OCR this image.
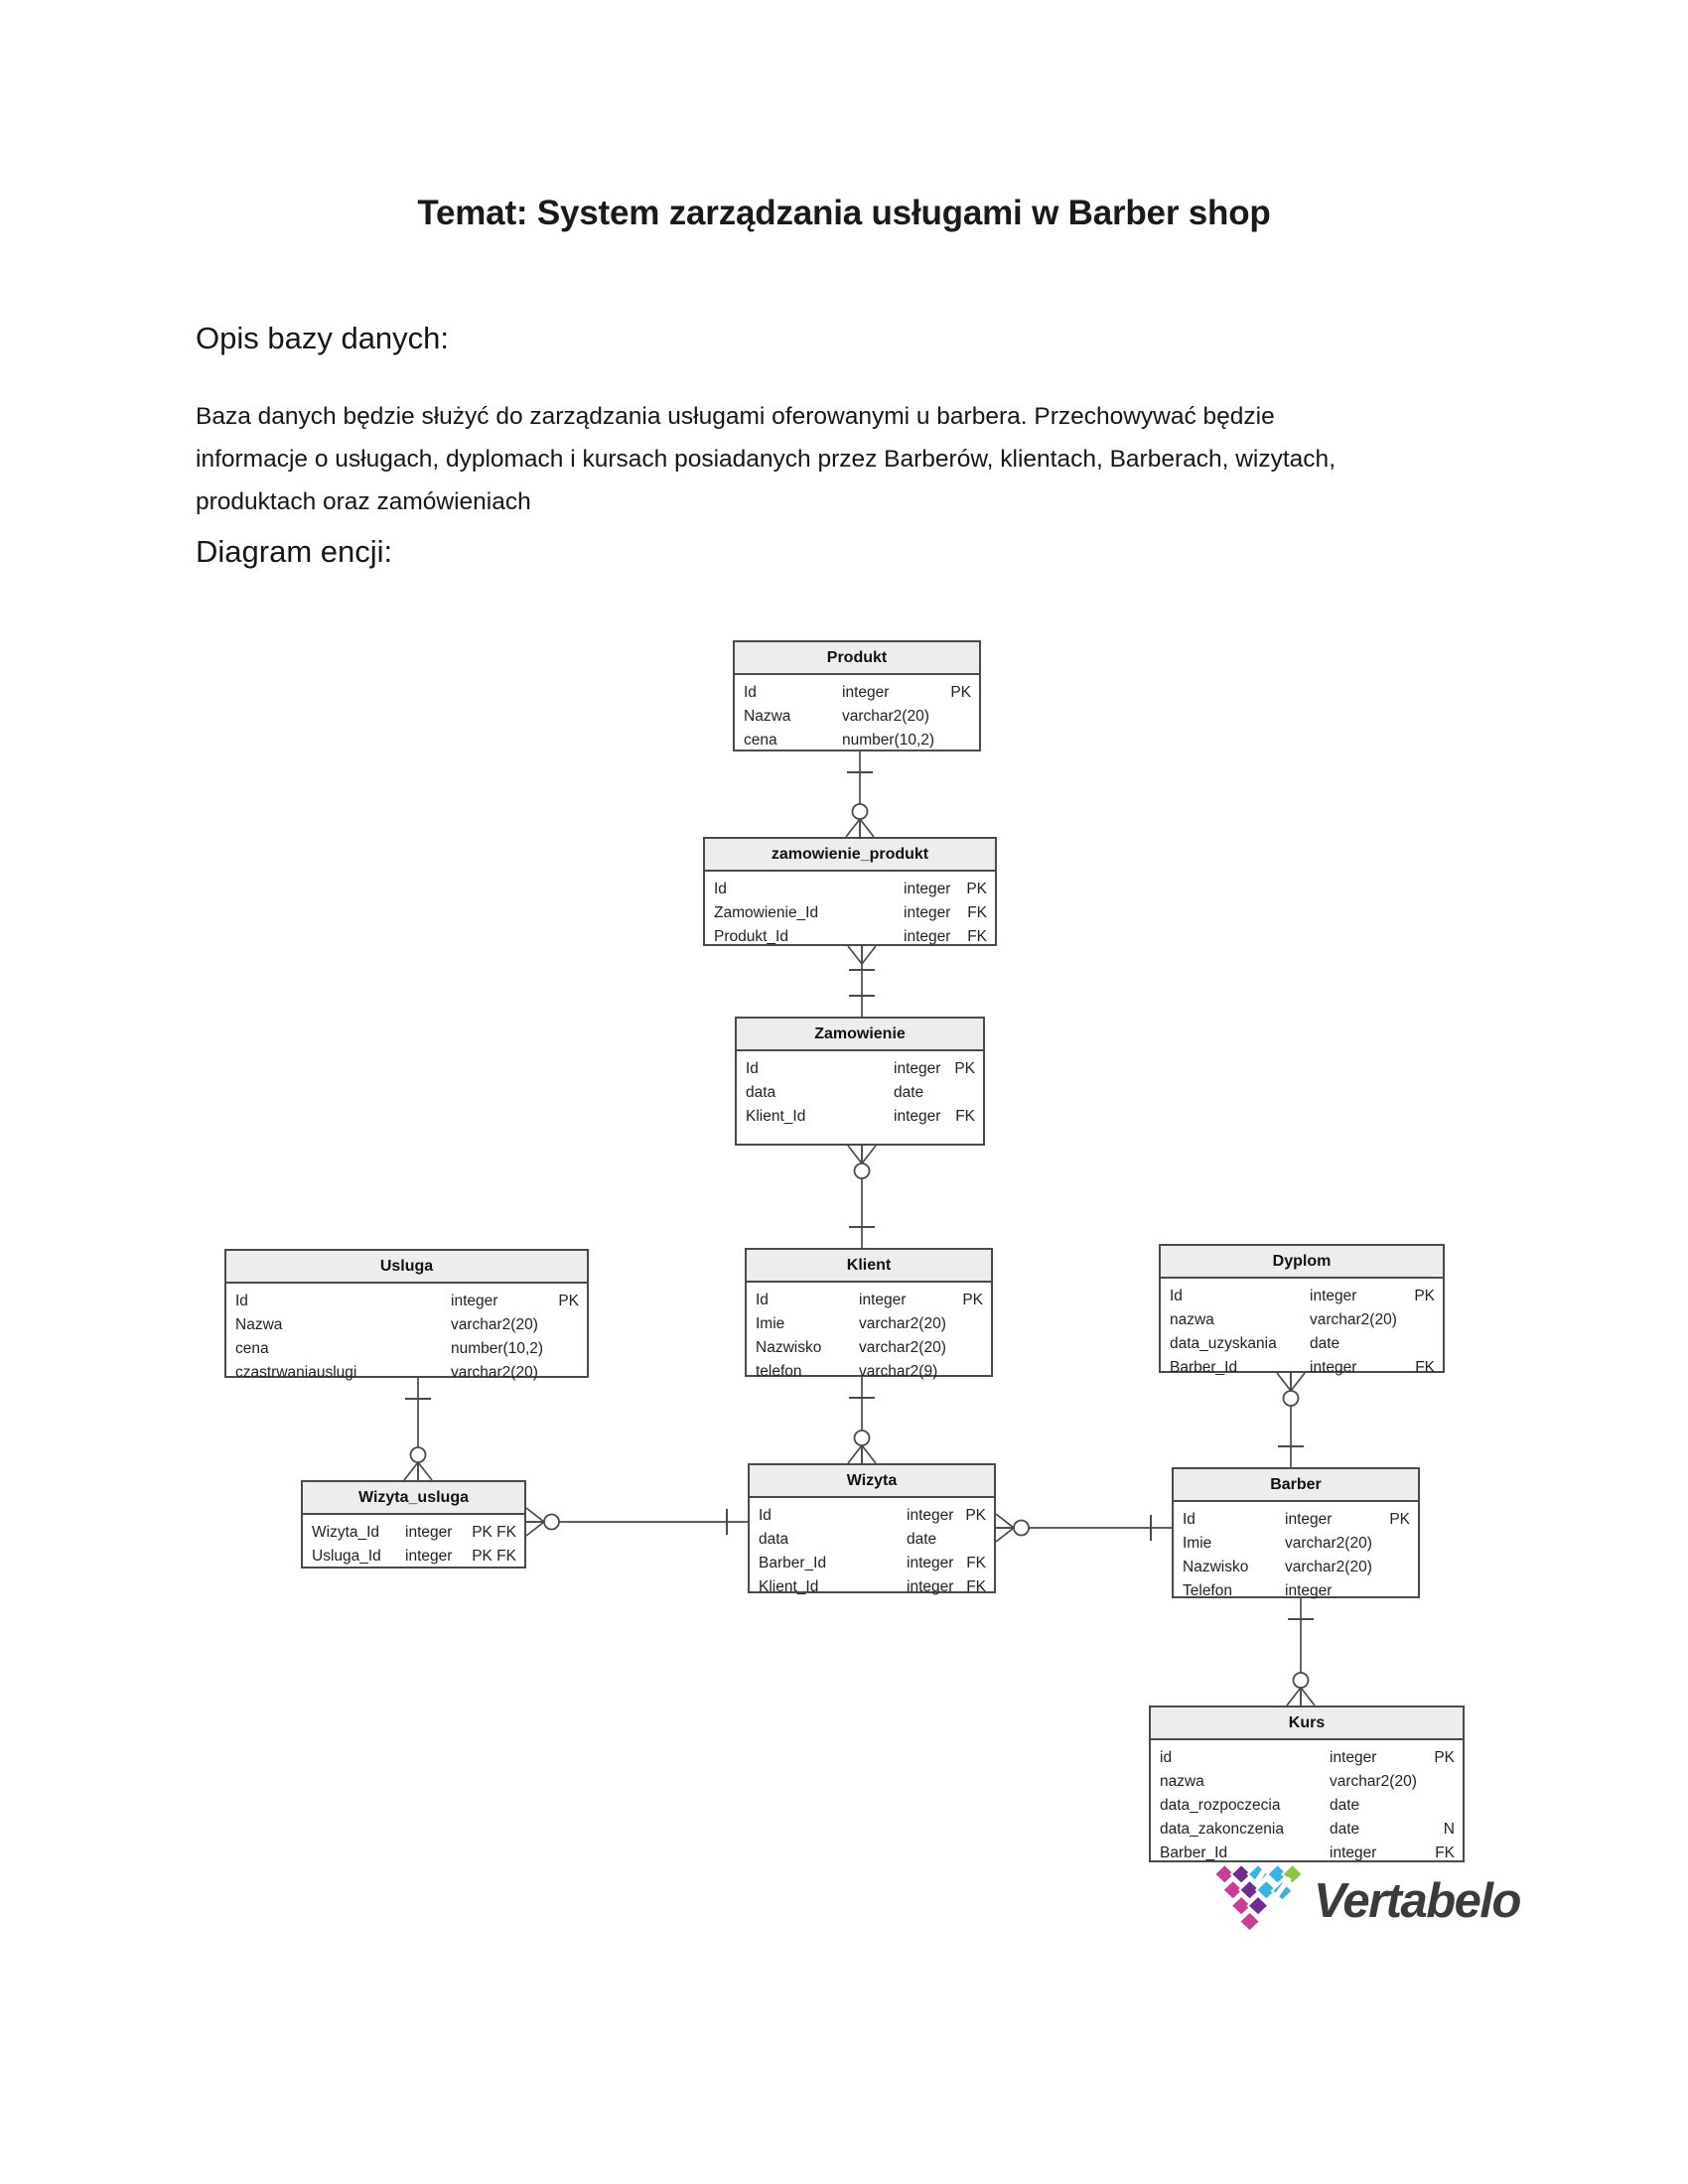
Temat: System zarządzania usługami w Barber shop
Opis bazy danych:

Baza danych będzie służyć do zarządzania usługami oferowanymi u barbera. Przechowywać będzie
informacje o usługach, dyplomach i kursach posiadanych przez Barberów, klientach, Barberach, wizytach,
produktach oraz zamówieniach

Diagram encji:
Produkt
Id	integer	PK
Nazwa	varchar2(20)
cena	number(10,2)
zamowienie_produkt
Id	integer	PK
Zamowienie_Id	integer	FK
Produkt_Id	integer	FK
Zamowienie
Id	integer PK
data	date
Klient_Id	integer FK
Usluga
Id	integer	PK
Nazwa	varchar2(20)
cena	number(10,2)
czastrwaniauslugi	varchar2(20)
Klient
Id	integer	PK
Imie	varchar2(20)
Nazwisko	varchar2(20)
telefon	varchar2(9)
Dyplom
Id	integer	PK
nazwa	varchar2(20)
data_uzyskania	date
Barber_Id	integer	FK
Wizyta_usluga
Wizyta_Id	integer	PK FK
Usluga_Id	integer	PK FK
Wizyta
Id	integer PK
data	date
Barber_Id	integer FK
Klient_Id	integer FK
Barber
Id	integer	PK
Imie	varchar2(20)
Nazwisko	varchar2(20)
Telefon	integer
Kurs
id	integer	PK
nazwa	varchar2(20)
data_rozpoczecia	date
data_zakonczenia	date	N
Barber_Id	integer	FK
Vertabelo
